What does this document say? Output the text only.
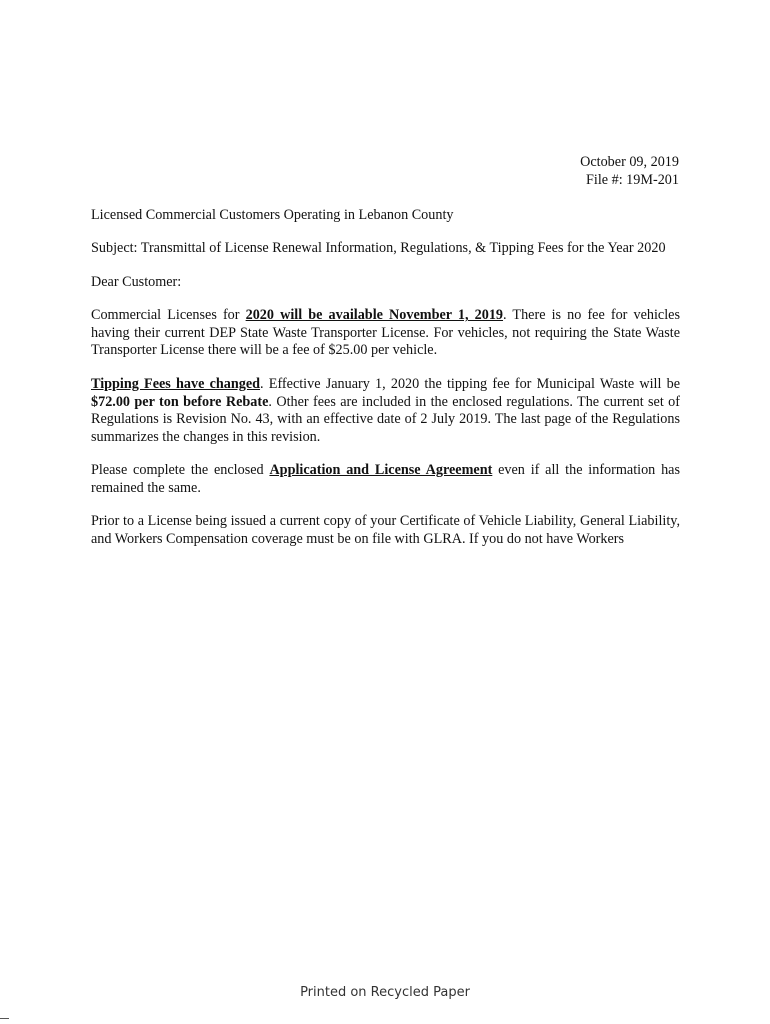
October 09, 2019
File #: 19M-201

Licensed Commercial Customers Operating in Lebanon County

Subject: Transmittal of License Renewal Information, Regulations, & Tipping Fees for the Year 2020

Dear Customer:

Commercial Licenses for 2020 will be available November 1, 2019. There is no fee for vehicles having their current DEP State Waste Transporter License. For vehicles, not requiring the State Waste Transporter License there will be a fee of $25.00 per vehicle.

Tipping Fees have changed. Effective January 1, 2020 the tipping fee for Municipal Waste will be $72.00 per ton before Rebate. Other fees are included in the enclosed regulations. The current set of Regulations is Revision No. 43, with an effective date of 2 July 2019. The last page of the Regulations summarizes the changes in this revision.

Please complete the enclosed Application and License Agreement even if all the information has remained the same.

Prior to a License being issued a current copy of your Certificate of Vehicle Liability, General Liability, and Workers Compensation coverage must be on file with GLRA. If you do not have Workers

Printed on Recycled Paper
